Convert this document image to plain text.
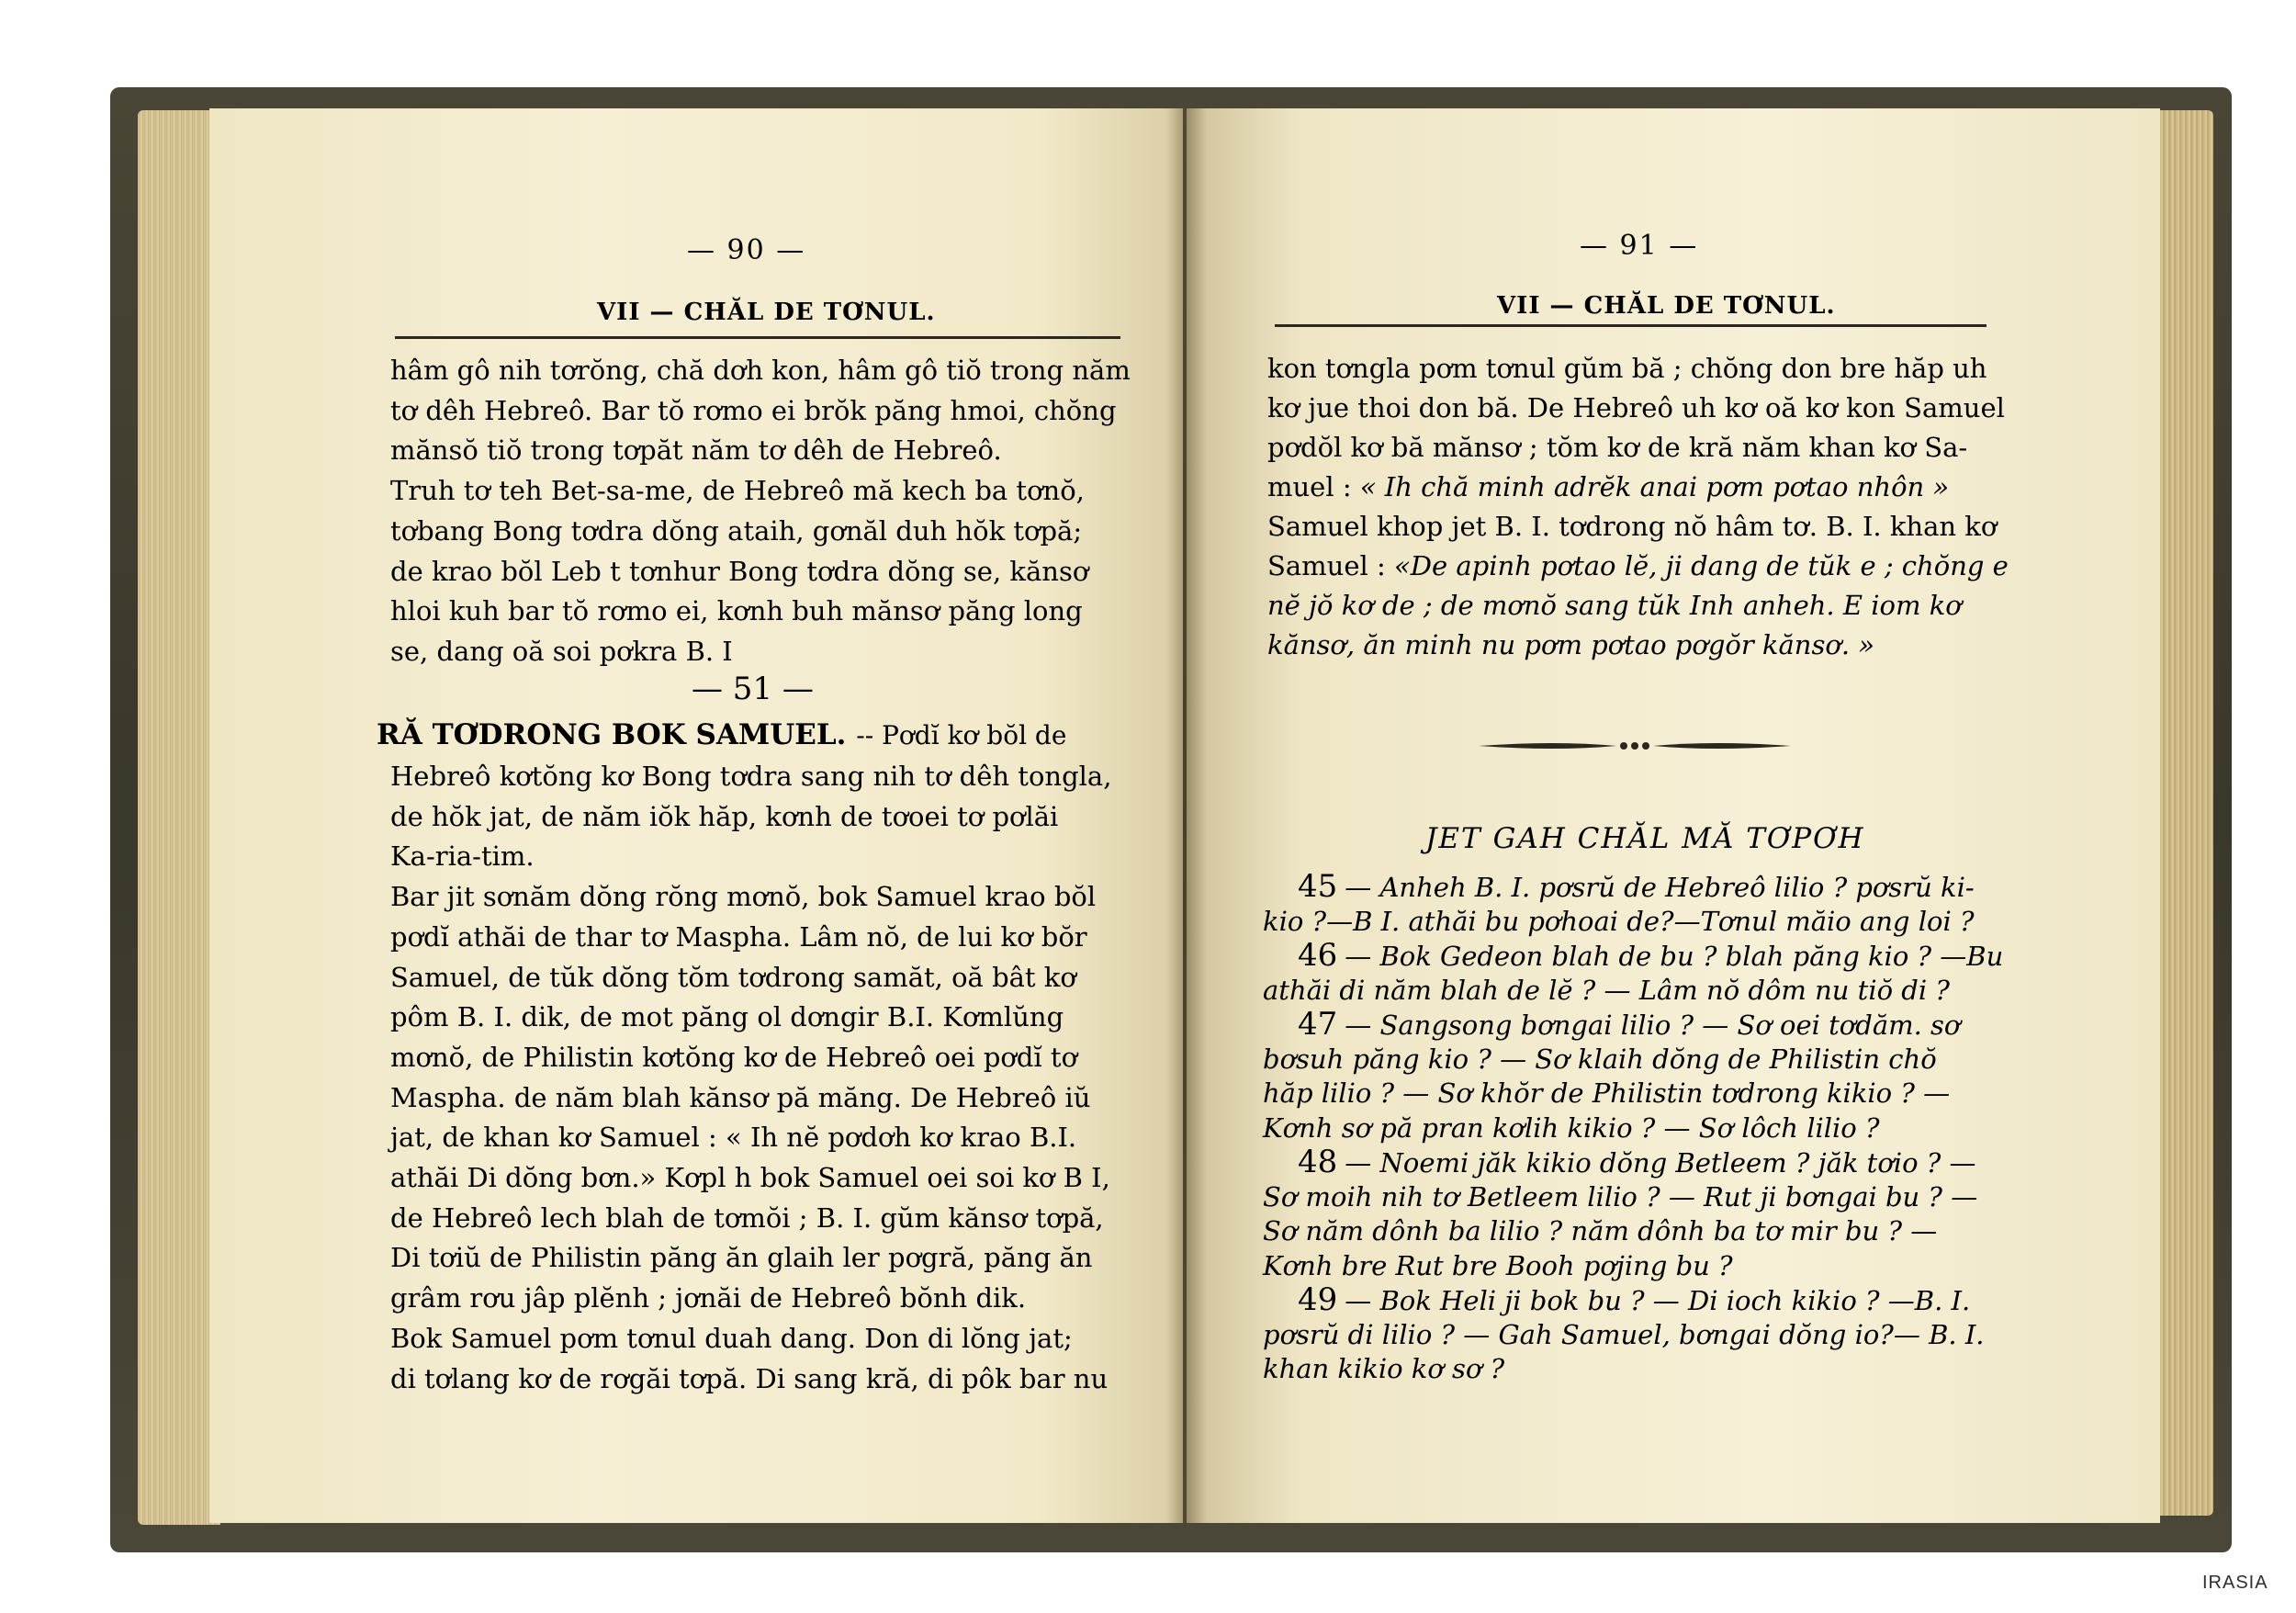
— 90 —
VII — CHĂL DE TƠNUL.
hâm gô nih tơrŏng, chă dơh kon, hâm gô tiŏ trong năm
tơ dêh Hebreô. Bar tŏ rơmo ei brŏk păng hmoi, chŏng
mănsŏ tiŏ trong tơpăt năm tơ dêh de Hebreô.
Truh tơ teh Bet-sa-me, de Hebreô mă kech ba tơnŏ,
tơbang Bong tơdra dŏng ataih, gơnăl duh hŏk tơpă;
de krao bŏl Leb t tơnhur Bong tơdra dŏng se, kănsơ
hloi kuh bar tŏ rơmo ei, kơnh buh mănsơ păng long
se, dang oă soi pơkra B. I
— 51 —
RĂ TƠDRONG BOK SAMUEL. -- Pơdĭ kơ bŏl de
Hebreô kơtŏng kơ Bong tơdra sang nih tơ dêh tongla,
de hŏk jat, de năm iŏk hăp, kơnh de tơoei tơ pơlăi
Ka-ria-tim.
Bar jit sơnăm dŏng rŏng mơnŏ, bok Samuel krao bŏl
pơdĭ athăi de thar tơ Maspha. Lâm nŏ, de lui kơ bŏr
Samuel, de tŭk dŏng tŏm tơdrong samăt, oă bât kơ
pôm B. I. dik, de mot păng ol dơngir B.I. Kơmlŭng
mơnŏ, de Philistin kơtŏng kơ de Hebreô oei pơdĭ tơ
Maspha. de năm blah kănsơ pă măng. De Hebreô iŭ
jat, de khan kơ Samuel : « Ih nĕ pơdơh kơ krao B.I.
athăi Di dŏng bơn.» Kơpl h bok Samuel oei soi kơ B I,
de Hebreô lech blah de tơmŏi ; B. I. gŭm kănsơ tơpă,
Di tơiŭ de Philistin păng ăn glaih ler pơgră, păng ăn
grâm rơu jâp plĕnh ; jơnăi de Hebreô bŏnh dik.
Bok Samuel pơm tơnul duah dang. Don di lŏng jat;
di tơlang kơ de rơgăi tơpă. Di sang kră, di pôk bar nu
— 91 —
VII — CHĂL DE TƠNUL.
kon tơngla pơm tơnul gŭm bă ; chŏng don bre hăp uh
kơ jue thoi don bă. De Hebreô uh kơ oă kơ kon Samuel
pơdŏl kơ bă mănsơ ; tŏm kơ de kră năm khan kơ Sa-
muel : « Ih chă minh adrĕk anai pơm pơtao nhôn »
Samuel khop jet B. I. tơdrong nŏ hâm tơ. B. I. khan kơ
Samuel : «De apinh pơtao lĕ, ji dang de tŭk e ; chŏng e
nĕ jŏ kơ de ; de mơnŏ sang tŭk Inh anheh. E iom kơ
kănsơ, ăn minh nu pơm pơtao pơgŏr kănsơ. »
JET GAH CHĂL MĂ TƠPƠH
45 — Anheh B. I. pơsrŭ de Hebreô lilio ? pơsrŭ ki-
kio ?—B I. athăi bu pơhoai de?—Tơnul măio ang loi ?
46 — Bok Gedeon blah de bu ? blah păng kio ? —Bu
athăi di năm blah de lĕ ? — Lâm nŏ dôm nu tiŏ di ?
47 — Sangsong bơngai lilio ? — Sơ oei tơdăm. sơ
bơsuh păng kio ? — Sơ klaih dŏng de Philistin chŏ
hăp lilio ? — Sơ khŏr de Philistin tơdrong kikio ? —
Kơnh sơ pă pran kơlih kikio ? — Sơ lôch lilio ?
48 — Noemi jăk kikio dŏng Betleem ? jăk tơio ? —
Sơ moih nih tơ Betleem lilio ? — Rut ji bơngai bu ? —
Sơ năm dônh ba lilio ? năm dônh ba tơ mir bu ? —
Kơnh bre Rut bre Booh pơjing bu ?
49 — Bok Heli ji bok bu ? — Di ioch kikio ? —B. I.
pơsrŭ di lilio ? — Gah Samuel, bơngai dŏng io?— B. I.
khan kikio kơ sơ ?
IRASIA
